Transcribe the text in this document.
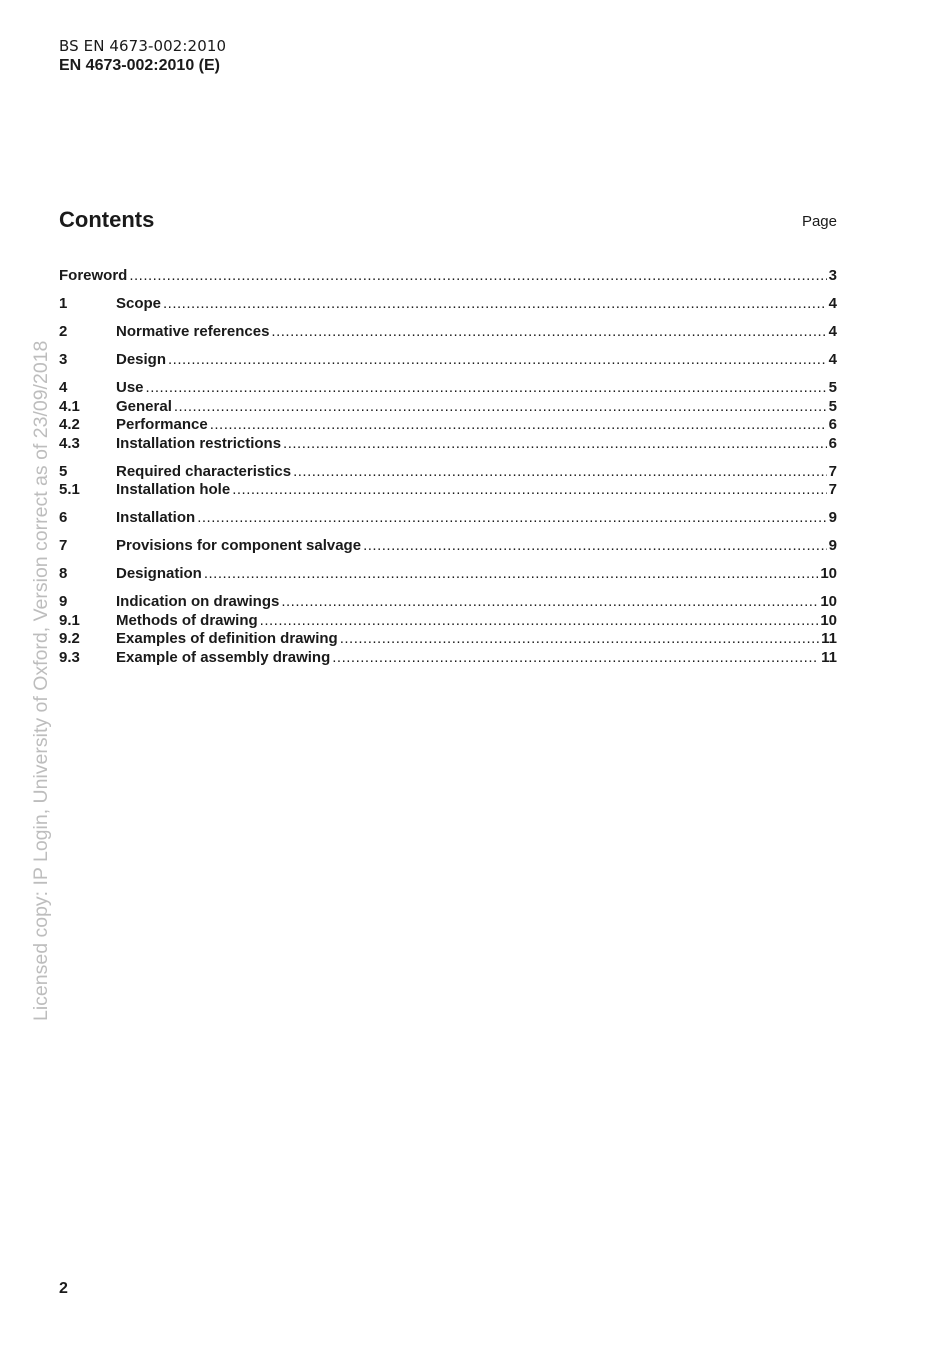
BS EN 4673-002:2010
EN 4673-002:2010 (E)
Contents	Page
Foreword .....	3
1	Scope .....	4
2	Normative references .....	4
3	Design .....	4
4	Use .....	5
4.1	General .....	5
4.2	Performance .....	6
4.3	Installation restrictions .....	6
5	Required characteristics .....	7
5.1	Installation hole .....	7
6	Installation .....	9
7	Provisions for component salvage .....	9
8	Designation .....	10
9	Indication on drawings .....	10
9.1	Methods of drawing .....	10
9.2	Examples of definition drawing .....	11
9.3	Example of assembly drawing .....	11
Licensed copy: IP Login, University of Oxford, Version correct as of 23/09/2018
2
